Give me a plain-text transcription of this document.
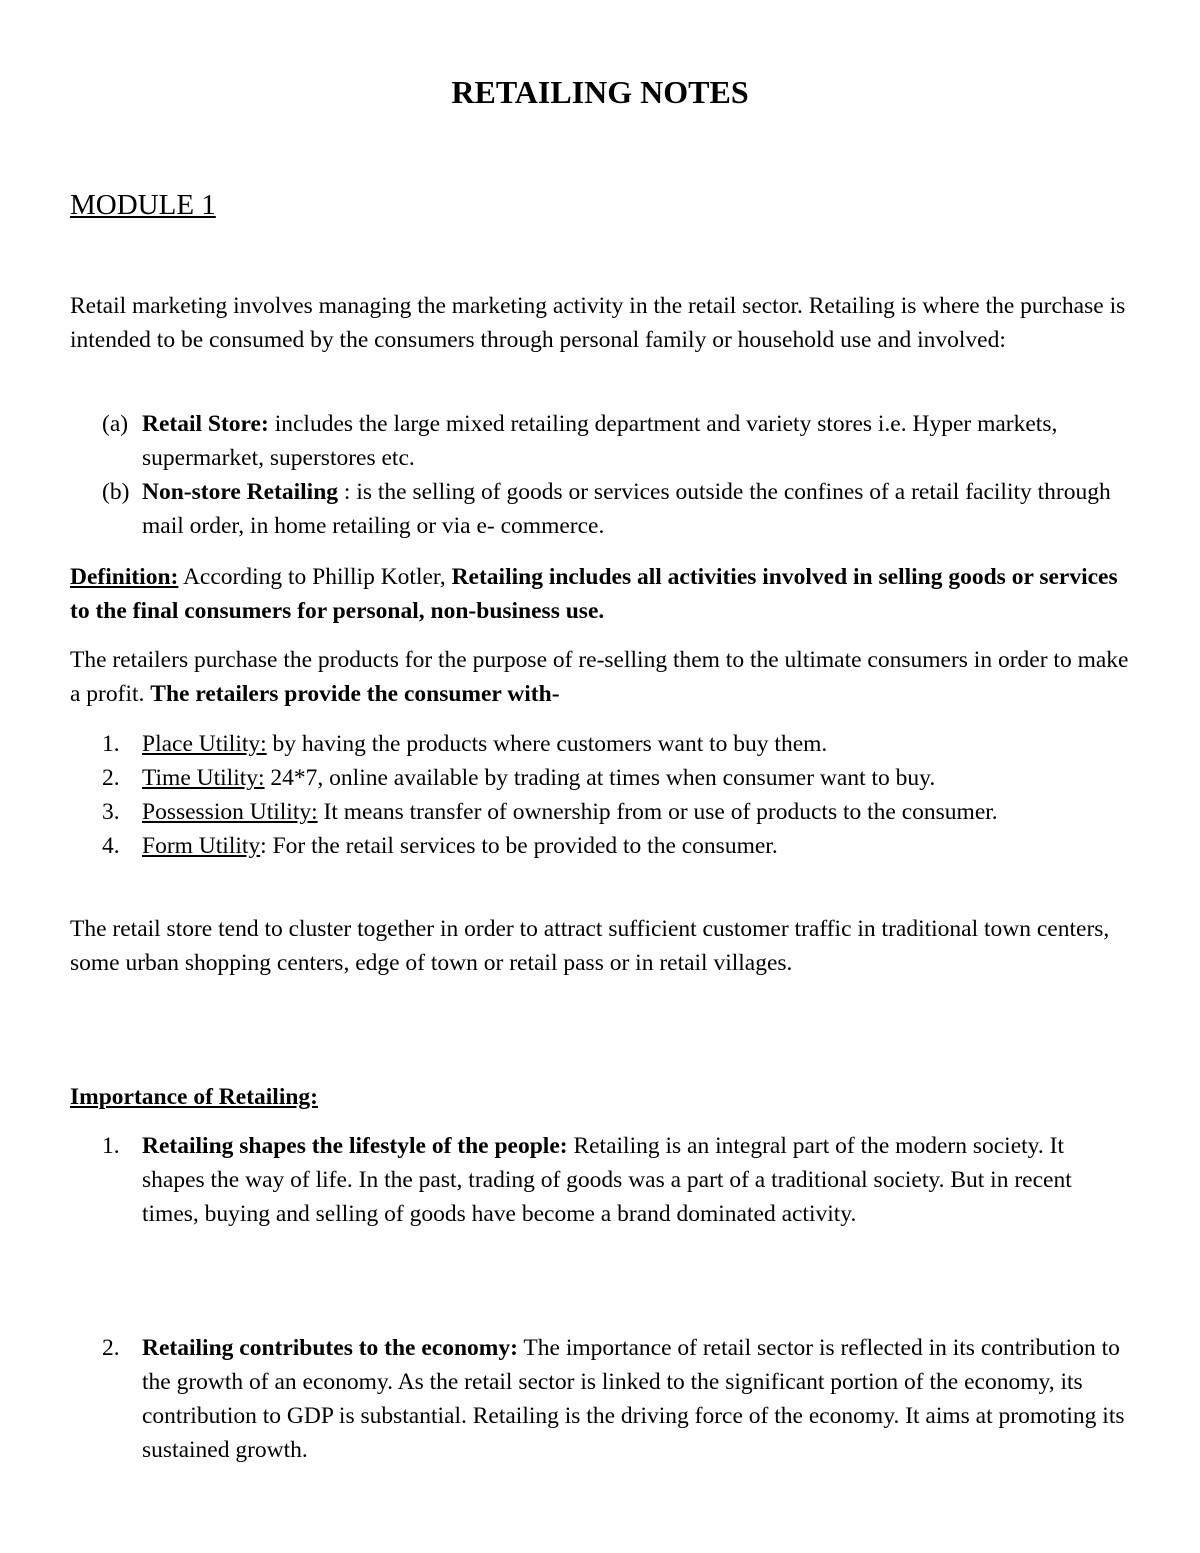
RETAILING NOTES
MODULE 1

Retail marketing involves managing the marketing activity in the retail sector. Retailing is where the purchase is intended to be consumed by the consumers through personal family or household use and involved:

(a) Retail Store: includes the large mixed retailing department and variety stores i.e. Hyper markets, supermarket, superstores etc.
(b) Non-store Retailing : is the selling of goods or services outside the confines of a retail facility through mail order, in home retailing or via e- commerce.

Definition: According to Phillip Kotler, Retailing includes all activities involved in selling goods or services to the final consumers for personal, non-business use.

The retailers purchase the products for the purpose of re-selling them to the ultimate consumers in order to make a profit. The retailers provide the consumer with-

1. Place Utility: by having the products where customers want to buy them.
2. Time Utility: 24*7, online available by trading at times when consumer want to buy.
3. Possession Utility: It means transfer of ownership from or use of products to the consumer.
4. Form Utility: For the retail services to be provided to the consumer.

The retail store tend to cluster together in order to attract sufficient customer traffic in traditional town centers, some urban shopping centers, edge of town or retail pass or in retail villages.

Importance of Retailing:

1. Retailing shapes the lifestyle of the people: Retailing is an integral part of the modern society. It shapes the way of life. In the past, trading of goods was a part of a traditional society. But in recent times, buying and selling of goods have become a brand dominated activity.
2. Retailing contributes to the economy: The importance of retail sector is reflected in its contribution to the growth of an economy. As the retail sector is linked to the significant portion of the economy, its contribution to GDP is substantial. Retailing is the driving force of the economy. It aims at promoting its sustained growth.
